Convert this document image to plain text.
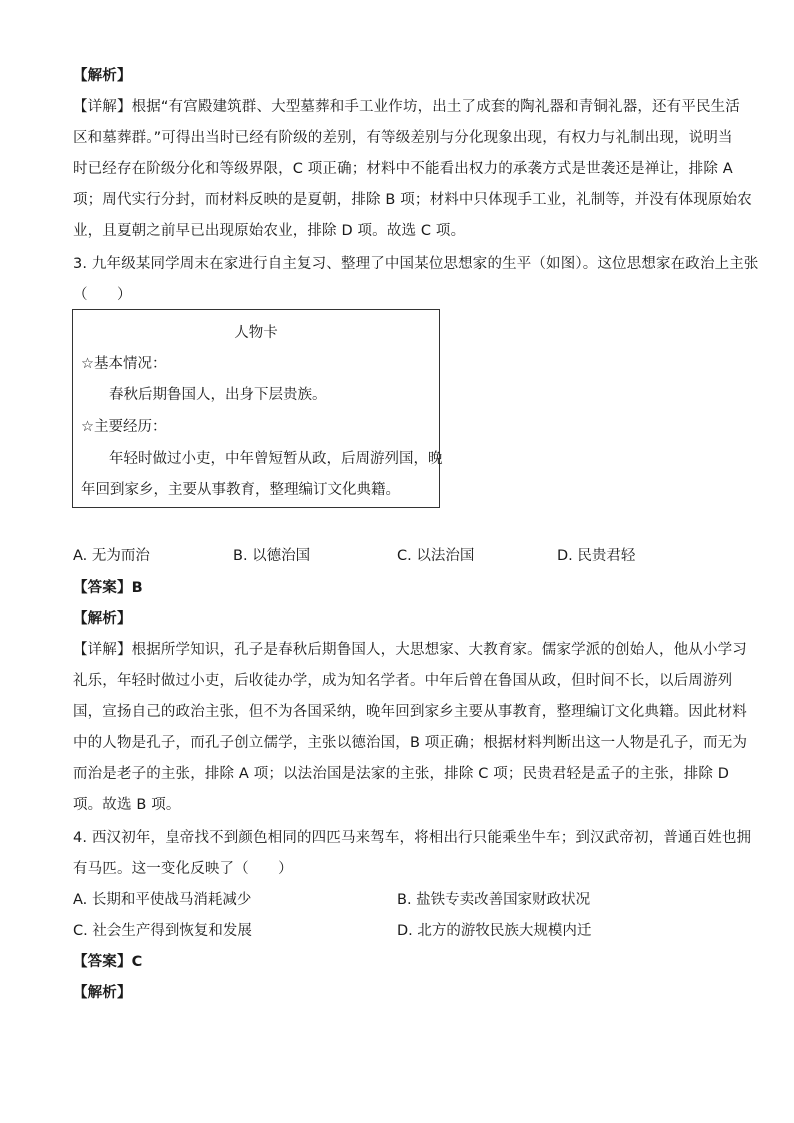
【解析】
【详解】根据“有宫殿建筑群、大型墓葬和手工业作坊，出土了成套的陶礼器和青铜礼器，还有平民生活
区和墓葬群。”可得出当时已经有阶级的差别，有等级差别与分化现象出现，有权力与礼制出现，说明当
时已经存在阶级分化和等级界限，C 项正确；材料中不能看出权力的承袭方式是世袭还是禅让，排除 A
项；周代实行分封，而材料反映的是夏朝，排除 B 项；材料中只体现手工业，礼制等，并没有体现原始农
业，且夏朝之前早已出现原始农业，排除 D 项。故选 C 项。
3. 九年级某同学周末在家进行自主复习、整理了中国某位思想家的生平（如图）。这位思想家在政治上主张
（　　）
人物卡
☆基本情况：
春秋后期鲁国人，出身下层贵族。
☆主要经历：
年轻时做过小吏，中年曾短暂从政，后周游列国，晚
年回到家乡，主要从事教育，整理编订文化典籍。
A. 无为而治	B. 以德治国	C. 以法治国	D. 民贵君轻
【答案】B
【解析】
【详解】根据所学知识，孔子是春秋后期鲁国人，大思想家、大教育家。儒家学派的创始人，他从小学习
礼乐，年轻时做过小吏，后收徒办学，成为知名学者。中年后曾在鲁国从政，但时间不长，以后周游列
国，宣扬自己的政治主张，但不为各国采纳，晚年回到家乡主要从事教育，整理编订文化典籍。因此材料
中的人物是孔子，而孔子创立儒学，主张以德治国，B 项正确；根据材料判断出这一人物是孔子，而无为
而治是老子的主张，排除 A 项；以法治国是法家的主张，排除 C 项；民贵君轻是孟子的主张，排除 D
项。故选 B 项。
4. 西汉初年，皇帝找不到颜色相同的四匹马来驾车，将相出行只能乘坐牛车；到汉武帝初，普通百姓也拥
有马匹。这一变化反映了（　　）
A. 长期和平使战马消耗减少	B. 盐铁专卖改善国家财政状况
C. 社会生产得到恢复和发展	D. 北方的游牧民族大规模内迁
【答案】C
【解析】
